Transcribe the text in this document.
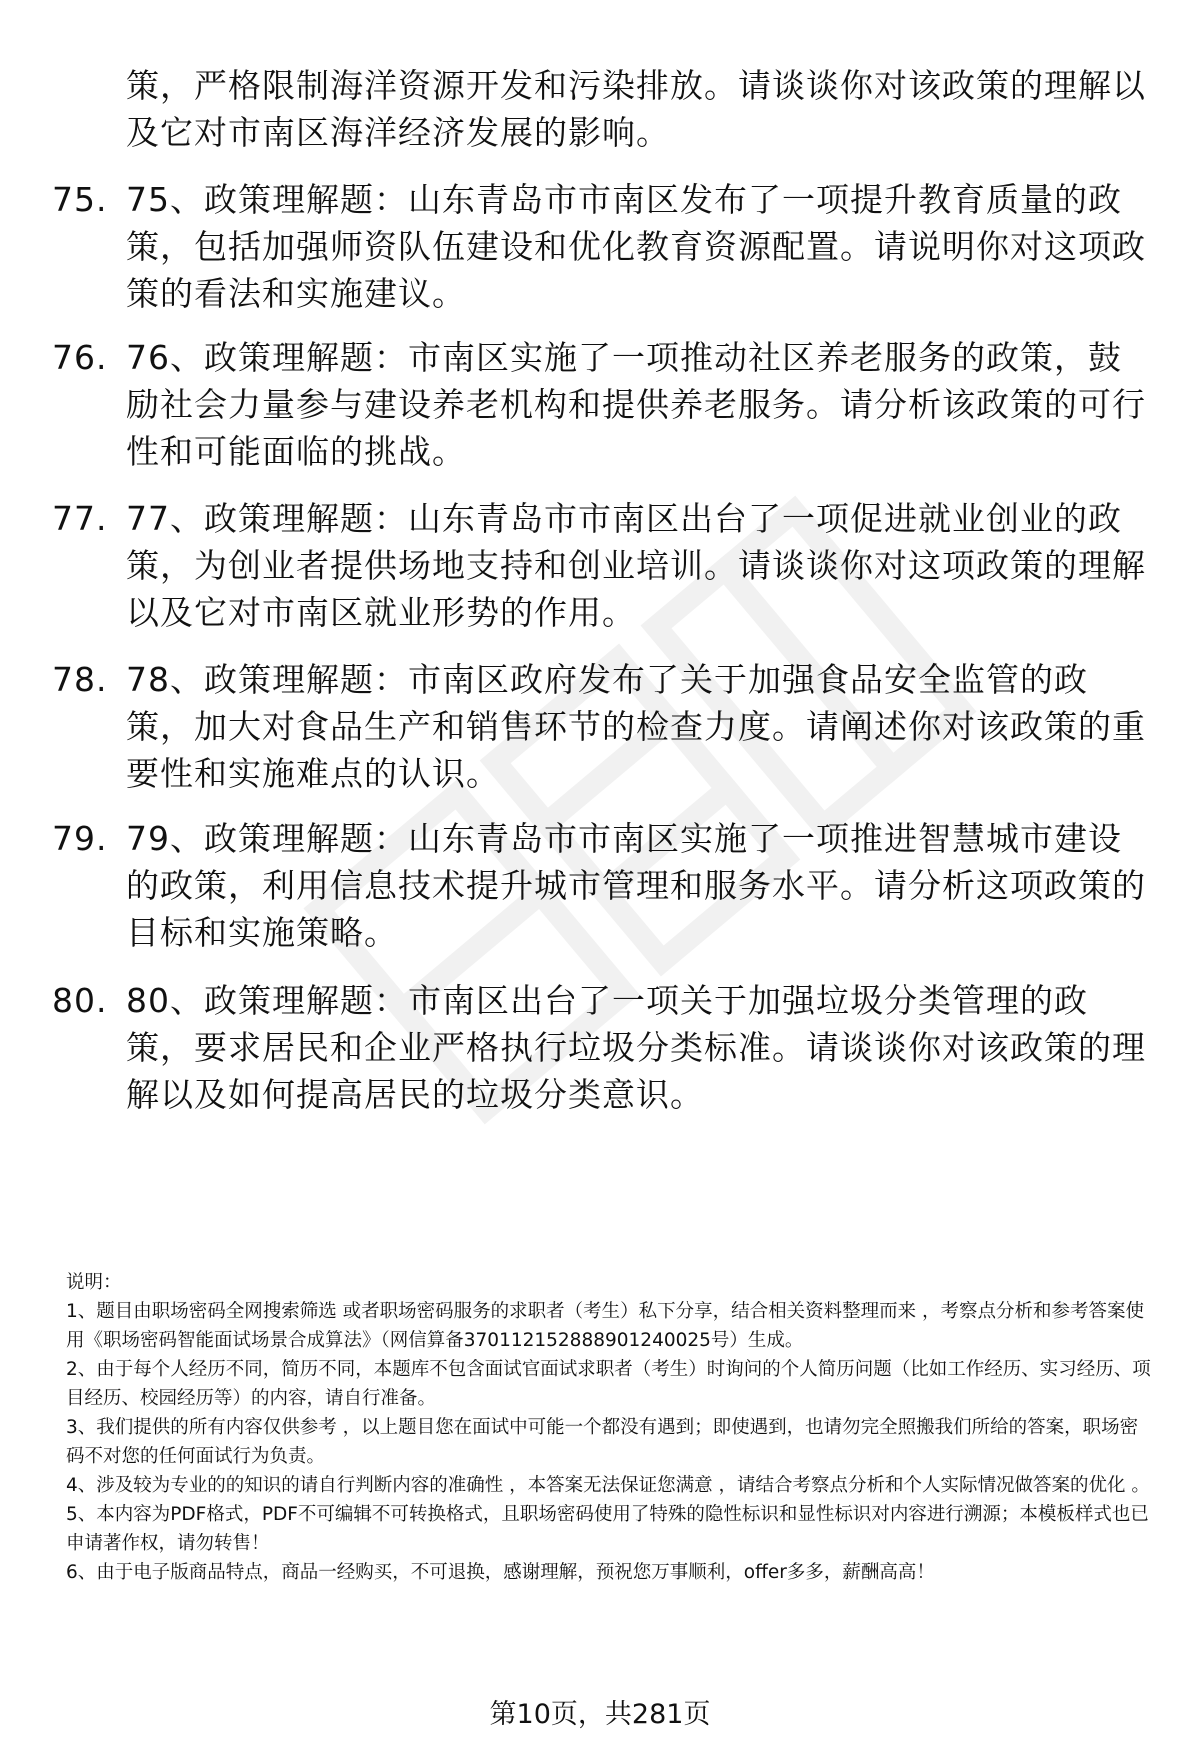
策，严格限制海洋资源开发和污染排放。请谈谈你对该政策的理解以及它对市南区海洋经济发展的影响。
75. 75、政策理解题：山东青岛市市南区发布了一项提升教育质量的政策，包括加强师资队伍建设和优化教育资源配置。请说明你对这项政策的看法和实施建议。
76. 76、政策理解题：市南区实施了一项推动社区养老服务的政策，鼓励社会力量参与建设养老机构和提供养老服务。请分析该政策的可行性和可能面临的挑战。
77. 77、政策理解题：山东青岛市市南区出台了一项促进就业创业的政策，为创业者提供场地支持和创业培训。请谈谈你对这项政策的理解以及它对市南区就业形势的作用。
78. 78、政策理解题：市南区政府发布了关于加强食品安全监管的政策，加大对食品生产和销售环节的检查力度。请阐述你对该政策的重要性和实施难点的认识。
79. 79、政策理解题：山东青岛市市南区实施了一项推进智慧城市建设的政策，利用信息技术提升城市管理和服务水平。请分析这项政策的目标和实施策略。
80. 80、政策理解题：市南区出台了一项关于加强垃圾分类管理的政策，要求居民和企业严格执行垃圾分类标准。请谈谈你对该政策的理解以及如何提高居民的垃圾分类意识。

说明：

1、题目由职场密码全网搜索筛选 或者职场密码服务的求职者（考生）私下分享，结合相关资料整理而来 ，考察点分析和参考答案使用《职场密码智能面试场景合成算法》（网信算备370112152888901240025号）生成。

2、由于每个人经历不同，简历不同，本题库不包含面试官面试求职者（考生）时询问的个人简历问题（比如工作经历、实习经历、项目经历、校园经历等）的内容，请自行准备。

3、我们提供的所有内容仅供参考 ，以上题目您在面试中可能一个都没有遇到；即使遇到，也请勿完全照搬我们所给的答案，职场密码不对您的任何面试行为负责。

4、涉及较为专业的的知识的请自行判断内容的准确性 ，本答案无法保证您满意 ，请结合考察点分析和个人实际情况做答案的优化 。

5、本内容为PDF格式，PDF不可编辑不可转换格式，且职场密码使用了特殊的隐性标识和显性标识对内容进行溯源；本模板样式也已申请著作权，请勿转售！

6、由于电子版商品特点，商品一经购买，不可退换，感谢理解，预祝您万事顺利，offer多多，薪酬高高！

第10页，共281页
